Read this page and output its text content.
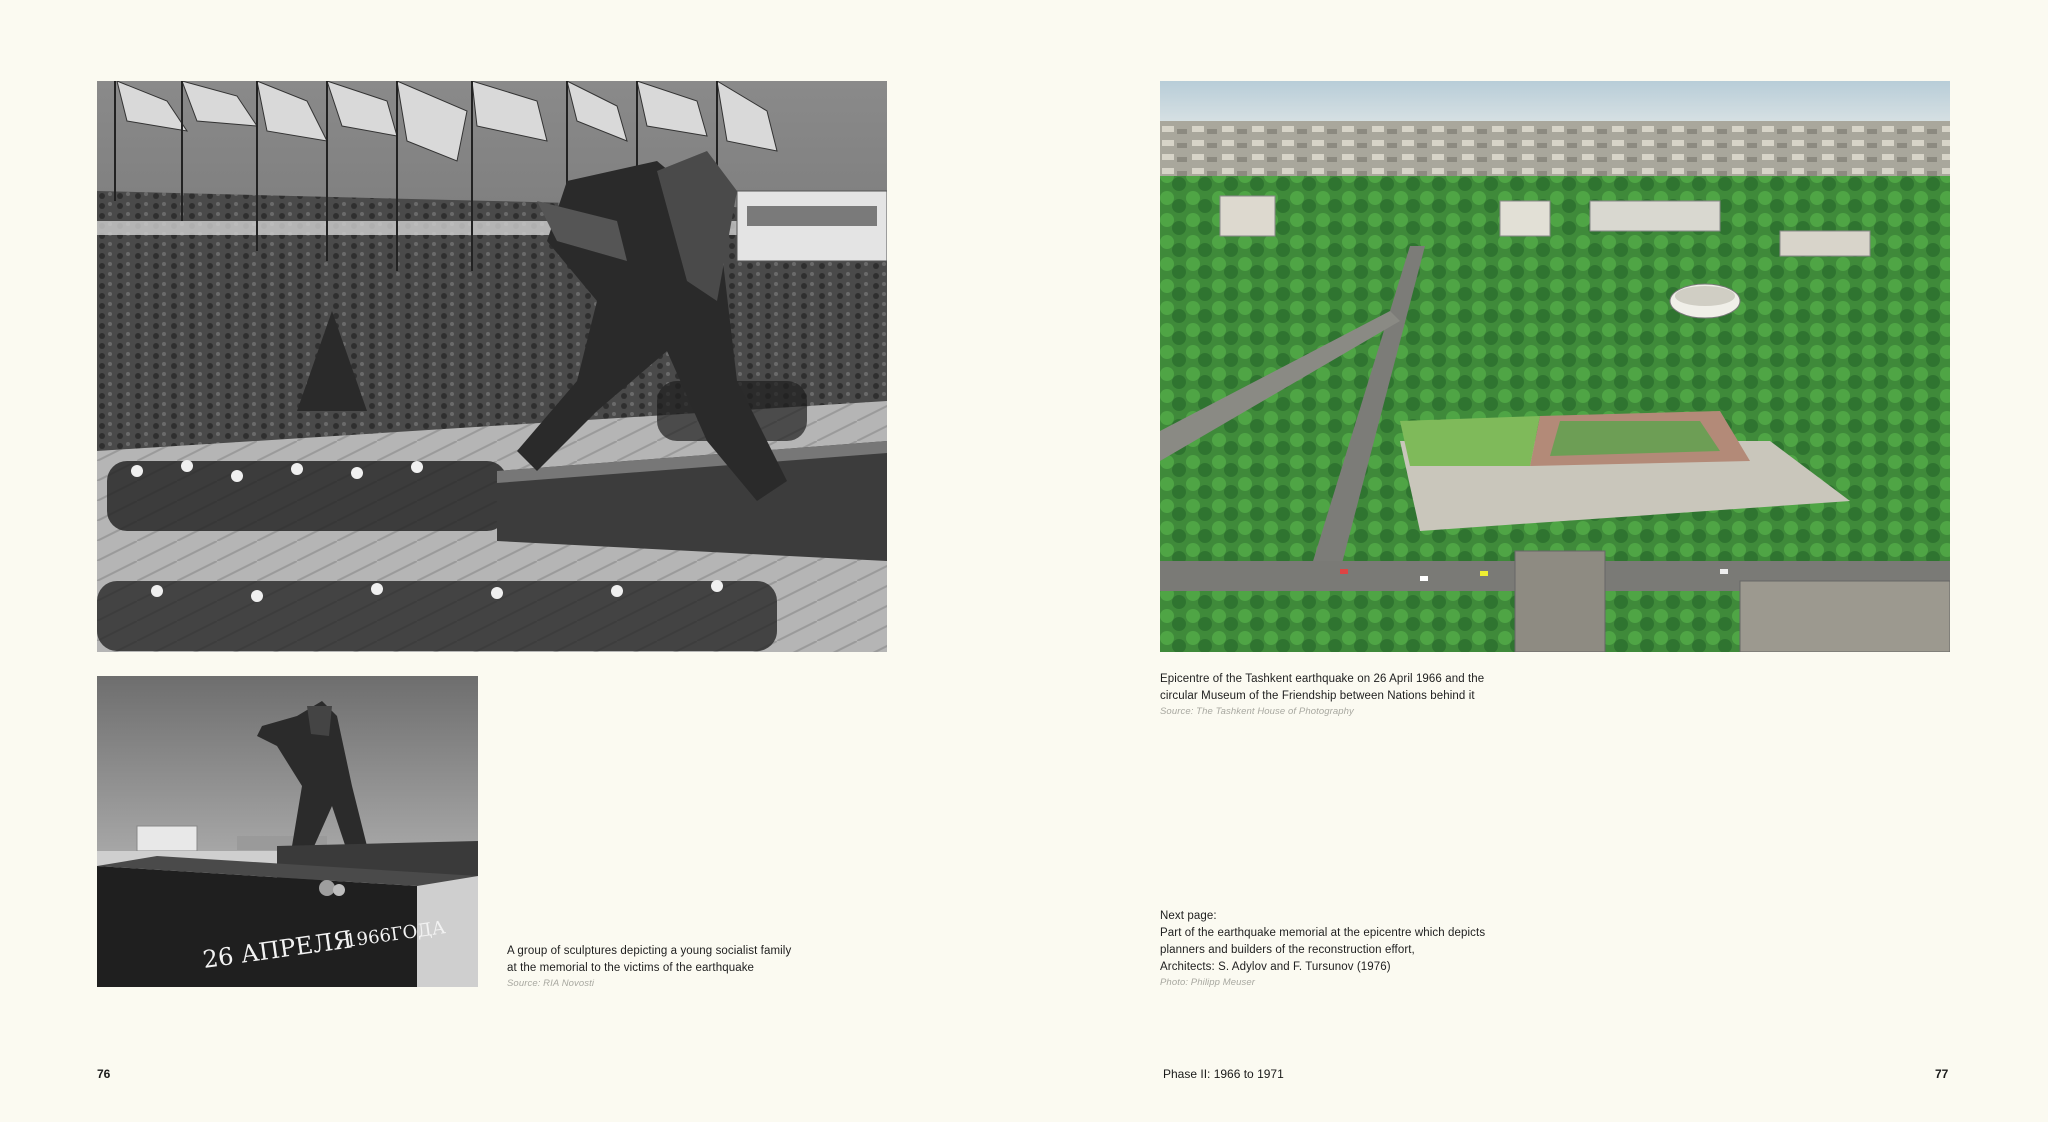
26 АПРЕЛЯ
1966ГОДА	A group of sculptures depicting a young socialist family
at the memorial to the victims of the earthquake
Source: RIA Novosti
Epicentre of the Tashkent earthquake on 26 April 1966 and the
circular Museum of the Friendship between Nations behind it
Source: The Tashkent House of Photography
Next page:
Part of the earthquake memorial at the epicentre which depicts
planners and builders of the reconstruction effort,
Architects: S. Adylov and F. Tursunov (1976)
Photo: Philipp Meuser
76	Phase II: 1966 to 1971	77
